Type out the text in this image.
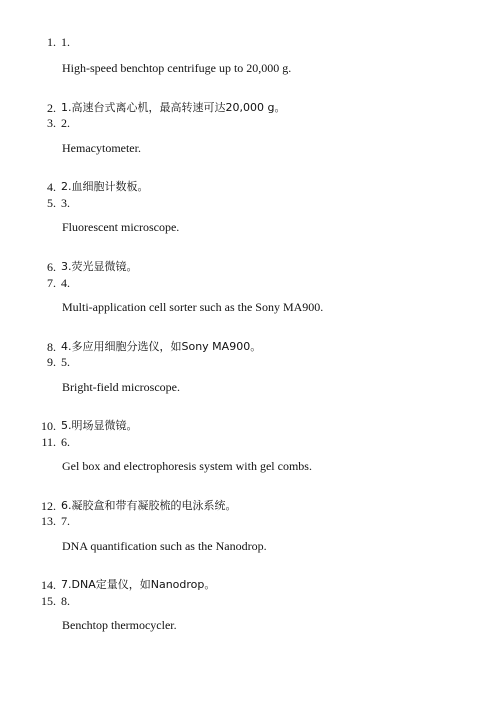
1. 1.
High-speed benchtop centrifuge up to 20,000 g.
2. 1.高速台式离心机，最高转速可达20,000 g。
3. 2.
Hemacytometer.
4. 2.血细胞计数板。
5. 3.
Fluorescent microscope.
6. 3.荧光显微镜。
7. 4.
Multi-application cell sorter such as the Sony MA900.
8. 4.多应用细胞分选仪，如Sony MA900。
9. 5.
Bright-field microscope.
10. 5.明场显微镜。
11. 6.
Gel box and electrophoresis system with gel combs.
12. 6.凝胶盒和带有凝胶梳的电泳系统。
13. 7.
DNA quantification such as the Nanodrop.
14. 7.DNA定量仪，如Nanodrop。
15. 8.
Benchtop thermocycler.
